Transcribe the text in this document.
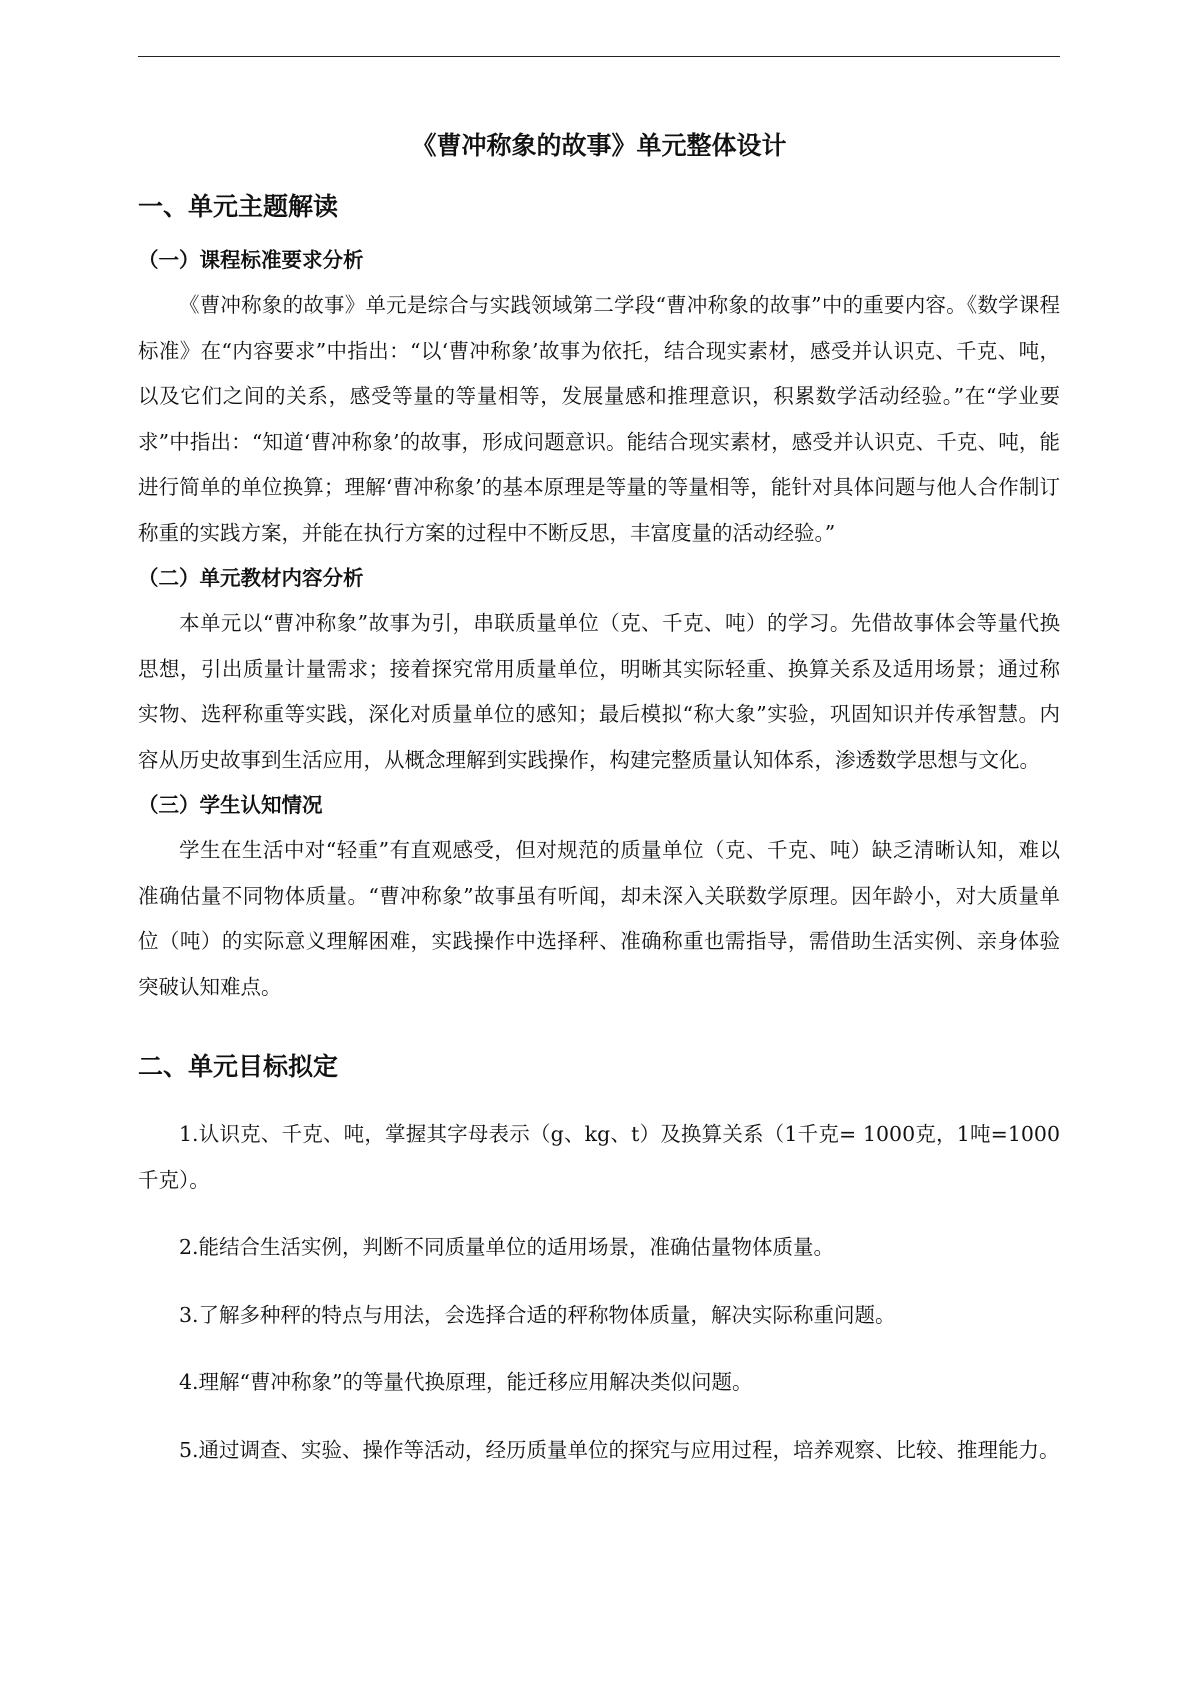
《曹冲称象的故事》单元整体设计
一、单元主题解读
（一）课程标准要求分析

《曹冲称象的故事》单元是综合与实践领域第二学段“曹冲称象的故事”中的重要内容。《数学课程标准》在“内容要求”中指出：“以‘曹冲称象’故事为依托，结合现实素材，感受并认识克、千克、吨，以及它们之间的关系，感受等量的等量相等，发展量感和推理意识，积累数学活动经验。”在“学业要求”中指出：“知道‘曹冲称象’的故事，形成问题意识。能结合现实素材，感受并认识克、千克、吨，能进行简单的单位换算；理解‘曹冲称象’的基本原理是等量的等量相等，能针对具体问题与他人合作制订称重的实践方案，并能在执行方案的过程中不断反思，丰富度量的活动经验。”

（二）单元教材内容分析

本单元以“曹冲称象”故事为引，串联质量单位（克、千克、吨）的学习。先借故事体会等量代换思想，引出质量计量需求；接着探究常用质量单位，明晰其实际轻重、换算关系及适用场景；通过称实物、选秤称重等实践，深化对质量单位的感知；最后模拟“称大象”实验，巩固知识并传承智慧。内容从历史故事到生活应用，从概念理解到实践操作，构建完整质量认知体系，渗透数学思想与文化。

（三）学生认知情况

学生在生活中对“轻重”有直观感受，但对规范的质量单位（克、千克、吨）缺乏清晰认知，难以准确估量不同物体质量。“曹冲称象”故事虽有听闻，却未深入关联数学原理。因年龄小，对大质量单位（吨）的实际意义理解困难，实践操作中选择秤、准确称重也需指导，需借助生活实例、亲身体验突破认知难点。

二、单元目标拟定

1.认识克、千克、吨，掌握其字母表示（g、kg、t）及换算关系（1千克= 1000克，1吨=1000千克）。

2.能结合生活实例，判断不同质量单位的适用场景，准确估量物体质量。

3.了解多种秤的特点与用法，会选择合适的秤称物体质量，解决实际称重问题。

4.理解“曹冲称象”的等量代换原理，能迁移应用解决类似问题。

5.通过调查、实验、操作等活动，经历质量单位的探究与应用过程，培养观察、比较、推理能力。
